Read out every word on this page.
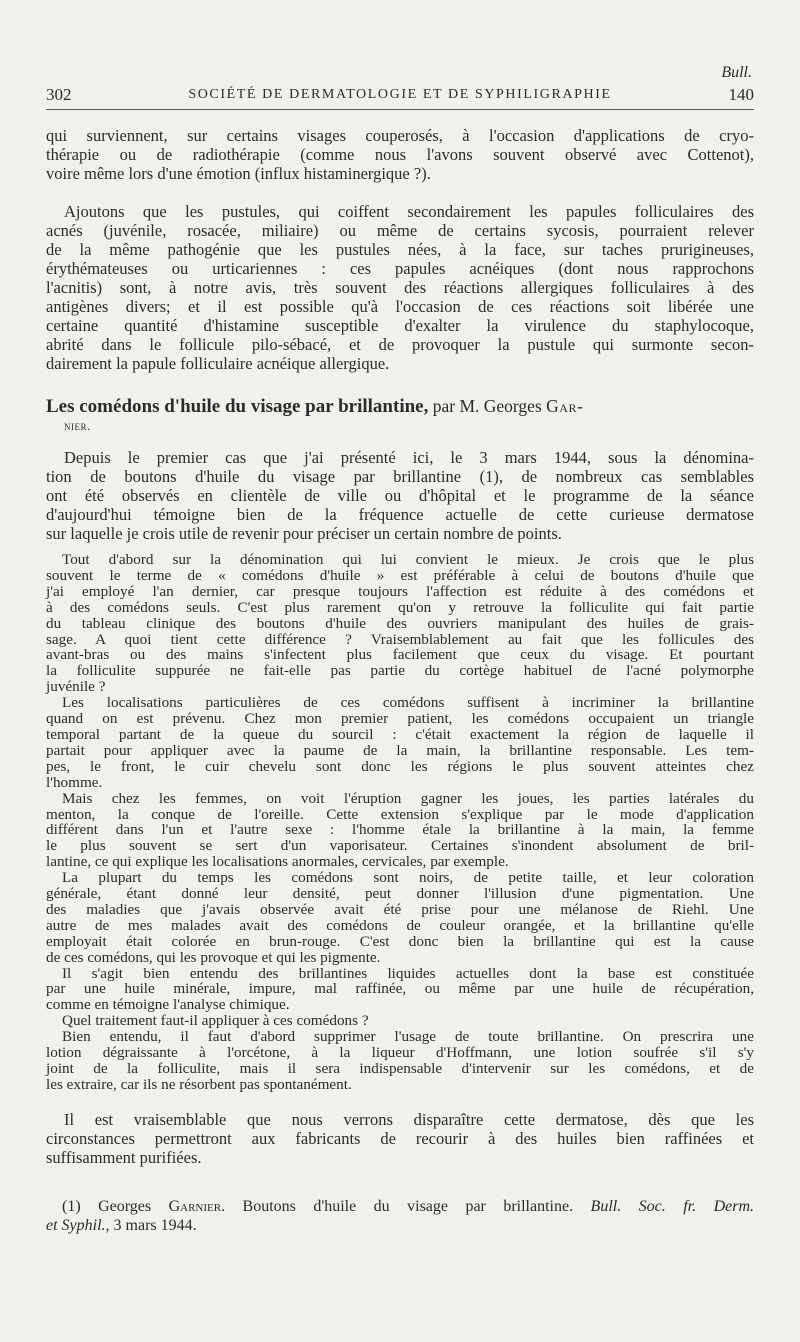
Bull.
302	SOCIÉTÉ DE DERMATOLOGIE ET DE SYPHILIGRAPHIE	140

qui surviennent, sur certains visages couperosés, à l'occasion d'applications de cryo-
thérapie ou de radiothérapie (comme nous l'avons souvent observé avec Cottenot),
voire même lors d'une émotion (influx histaminergique ?).

Ajoutons que les pustules, qui coiffent secondairement les papules folliculaires des
acnés (juvénile, rosacée, miliaire) ou même de certains sycosis, pourraient relever
de la même pathogénie que les pustules nées, à la face, sur taches prurigineuses,
érythémateuses ou urticariennes : ces papules acnéiques (dont nous rapprochons
l'acnitis) sont, à notre avis, très souvent des réactions allergiques folliculaires à des
antigènes divers; et il est possible qu'à l'occasion de ces réactions soit libérée une
certaine quantité d'histamine susceptible d'exalter la virulence du staphylocoque,
abrité dans le follicule pilo-sébacé, et de provoquer la pustule qui surmonte secon-
dairement la papule folliculaire acnéique allergique.

Les comédons d'huile du visage par brillantine, par M. Georges Gar-
nier.

Depuis le premier cas que j'ai présenté ici, le 3 mars 1944, sous la dénomina-
tion de boutons d'huile du visage par brillantine (1), de nombreux cas semblables
ont été observés en clientèle de ville ou d'hôpital et le programme de la séance
d'aujourd'hui témoigne bien de la fréquence actuelle de cette curieuse dermatose
sur laquelle je crois utile de revenir pour préciser un certain nombre de points.

Tout d'abord sur la dénomination qui lui convient le mieux. Je crois que le plus
souvent le terme de « comédons d'huile » est préférable à celui de boutons d'huile que
j'ai employé l'an dernier, car presque toujours l'affection est réduite à des comédons et
à des comédons seuls. C'est plus rarement qu'on y retrouve la folliculite qui fait partie
du tableau clinique des boutons d'huile des ouvriers manipulant des huiles de grais-
sage. A quoi tient cette différence ? Vraisemblablement au fait que les follicules des
avant-bras ou des mains s'infectent plus facilement que ceux du visage. Et pourtant
la folliculite suppurée ne fait-elle pas partie du cortège habituel de l'acné polymorphe
juvénile ?

Les localisations particulières de ces comédons suffisent à incriminer la brillantine
quand on est prévenu. Chez mon premier patient, les comédons occupaient un triangle
temporal partant de la queue du sourcil : c'était exactement la région de laquelle il
partait pour appliquer avec la paume de la main, la brillantine responsable. Les tem-
pes, le front, le cuir chevelu sont donc les régions le plus souvent atteintes chez
l'homme.

Mais chez les femmes, on voit l'éruption gagner les joues, les parties latérales du
menton, la conque de l'oreille. Cette extension s'explique par le mode d'application
différent dans l'un et l'autre sexe : l'homme étale la brillantine à la main, la femme
le plus souvent se sert d'un vaporisateur. Certaines s'inondent absolument de bril-
lantine, ce qui explique les localisations anormales, cervicales, par exemple.

La plupart du temps les comédons sont noirs, de petite taille, et leur coloration
générale, étant donné leur densité, peut donner l'illusion d'une pigmentation. Une
des maladies que j'avais observée avait été prise pour une mélanose de Riehl. Une
autre de mes malades avait des comédons de couleur orangée, et la brillantine qu'elle
employait était colorée en brun-rouge. C'est donc bien la brillantine qui est la cause
de ces comédons, qui les provoque et qui les pigmente.

Il s'agit bien entendu des brillantines liquides actuelles dont la base est constituée
par une huile minérale, impure, mal raffinée, ou même par une huile de récupération,
comme en témoigne l'analyse chimique.

Quel traitement faut-il appliquer à ces comédons ?

Bien entendu, il faut d'abord supprimer l'usage de toute brillantine. On prescrira une
lotion dégraissante à l'orcétone, à la liqueur d'Hoffmann, une lotion soufrée s'il s'y
joint de la folliculite, mais il sera indispensable d'intervenir sur les comédons, et de
les extraire, car ils ne résorbent pas spontanément.

Il est vraisemblable que nous verrons disparaître cette dermatose, dès que les
circonstances permettront aux fabricants de recourir à des huiles bien raffinées et
suffisamment purifiées.

(1) Georges Garnier. Boutons d'huile du visage par brillantine. Bull. Soc. fr. Derm.
et Syphil., 3 mars 1944.
